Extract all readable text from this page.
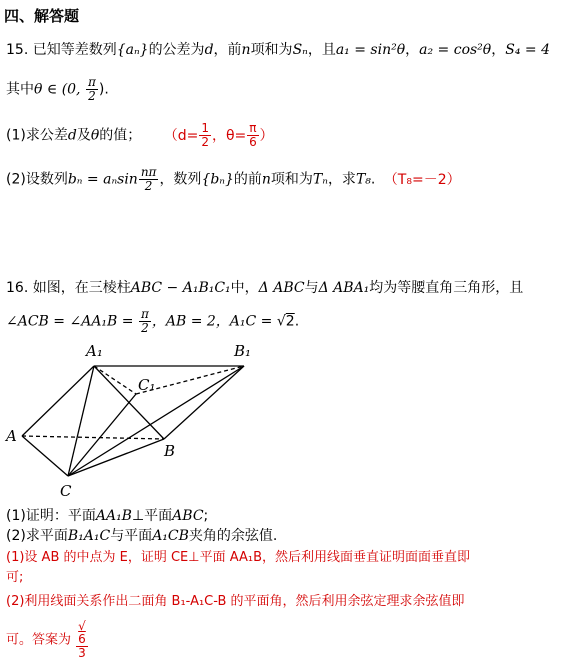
四、解答题
15. 已知等差数列{aₙ}的公差为d，前n项和为Sₙ，且a₁ = sin²θ，a₂ = cos²θ，S₄ = 4
其中θ ∈ (0, $\frac{\pi}{2}$ ).
(1)求公差d及θ的值； （$d= \frac{1}{2}$ ，$\theta= \frac{\pi}{6}$ ）
(2)设数列bₙ = aₙsin $\frac{n\pi}{2}$ ，数列{bₙ}的前n项和为Tₙ，求T₈. （T₈=－2）
16. 如图，在三棱柱ABC − A₁B₁C₁中，Δ ABC与Δ ABA₁均为等腰直角三角形，且
∠ACB = ∠AA₁B = $\frac{\pi}{2}$ ，AB = 2，A₁C = √2.
A₁	B₁
C₁
A
B
C
(1)证明：平面AA₁B⊥平面ABC;
(2)求平面B₁A₁C与平面A₁CB夹角的余弦值.
(1)设 AB 的中点为 E，证明 CE⊥平面 AA₁B，然后利用线面垂直证明面面垂直即
可;
(2)利用线面关系作出二面角 B₁-A₁C-B 的平面角，然后利用余弦定理求余弦值即
可。答案为 √
6
3
